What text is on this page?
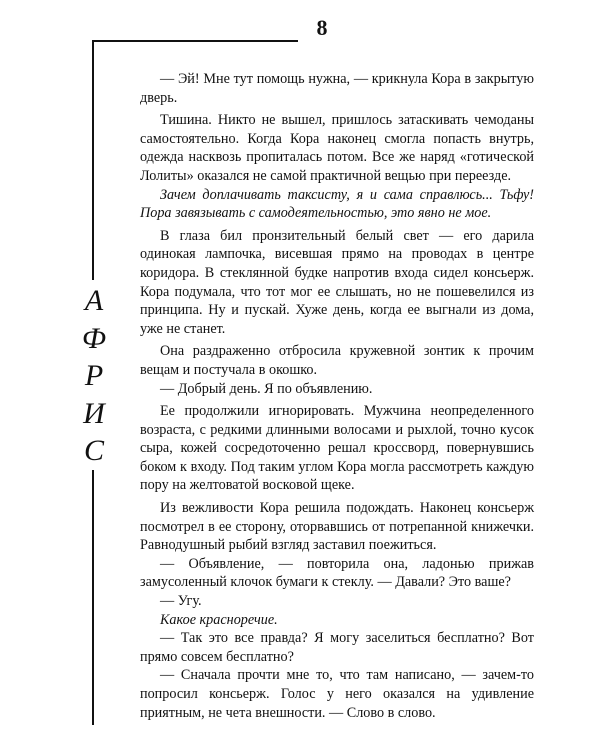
8
А
Ф
Р
И
С

— Эй! Мне тут помощь нужна, — крикнула Кора в закрытую дверь.

Тишина. Никто не вышел, пришлось затаскивать чемоданы самостоятельно. Когда Кора наконец смогла попасть внутрь, одежда насквозь пропиталась потом. Все же наряд «готической Лолиты» оказался не самой практичной вещью при переезде.

Зачем доплачивать таксисту, я и сама справлюсь... Тьфу! Пора завязывать с самодеятельностью, это явно не мое.

В глаза бил пронзительный белый свет — его дарила одинокая лампочка, висевшая прямо на проводах в центре коридора. В стеклянной будке напротив входа сидел консьерж. Кора подумала, что тот мог ее слышать, но не пошевелился из принципа. Ну и пускай. Хуже день, когда ее выгнали из дома, уже не станет.

Она раздраженно отбросила кружевной зонтик к прочим вещам и постучала в окошко.

— Добрый день. Я по объявлению.

Ее продолжили игнорировать. Мужчина неопределенного возраста, с редкими длинными волосами и рыхлой, точно кусок сыра, кожей сосредоточенно решал кроссворд, повернувшись боком к входу. Под таким углом Кора могла рассмотреть каждую пору на желтоватой восковой щеке.

Из вежливости Кора решила подождать. Наконец консьерж посмотрел в ее сторону, оторвавшись от потрепанной книжечки. Равнодушный рыбий взгляд заставил поежиться.

— Объявление, — повторила она, ладонью прижав замусоленный клочок бумаги к стеклу. — Давали? Это ваше?

— Угу.

Какое красноречие.

— Так это все правда? Я могу заселиться бесплатно? Вот прямо совсем бесплатно?

— Сначала прочти мне то, что там написано, — зачем-то попросил консьерж. Голос у него оказался на удивление приятным, не чета внешности. — Слово в слово.
